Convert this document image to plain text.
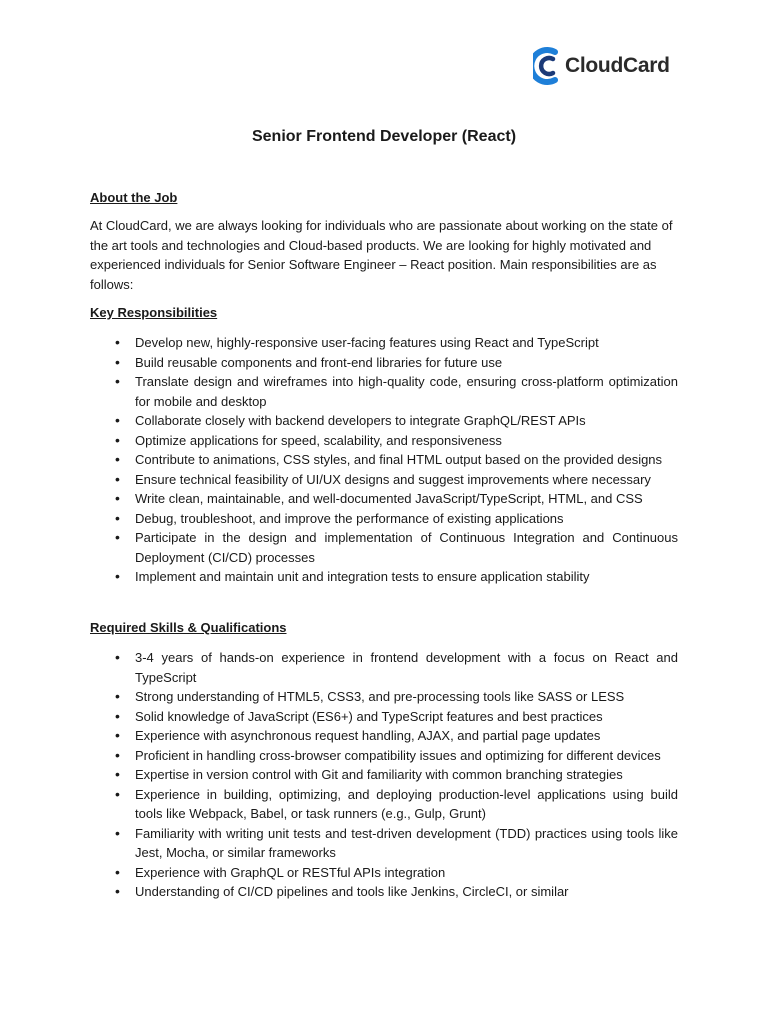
CloudCard
Senior Frontend Developer (React)

About the Job

At CloudCard, we are always looking for individuals who are passionate about working on the state of the art tools and technologies and Cloud-based products. We are looking for highly motivated and experienced individuals for Senior Software Engineer – React position. Main responsibilities are as follows:

Key Responsibilities

• Develop new, highly-responsive user-facing features using React and TypeScript
• Build reusable components and front-end libraries for future use
• Translate design and wireframes into high-quality code, ensuring cross-platform optimization for mobile and desktop
• Collaborate closely with backend developers to integrate GraphQL/REST APIs
• Optimize applications for speed, scalability, and responsiveness
• Contribute to animations, CSS styles, and final HTML output based on the provided designs
• Ensure technical feasibility of UI/UX designs and suggest improvements where necessary
• Write clean, maintainable, and well-documented JavaScript/TypeScript, HTML, and CSS
• Debug, troubleshoot, and improve the performance of existing applications
• Participate in the design and implementation of Continuous Integration and Continuous Deployment (CI/CD) processes
• Implement and maintain unit and integration tests to ensure application stability

Required Skills & Qualifications

• 3-4 years of hands-on experience in frontend development with a focus on React and TypeScript
• Strong understanding of HTML5, CSS3, and pre-processing tools like SASS or LESS
• Solid knowledge of JavaScript (ES6+) and TypeScript features and best practices
• Experience with asynchronous request handling, AJAX, and partial page updates
• Proficient in handling cross-browser compatibility issues and optimizing for different devices
• Expertise in version control with Git and familiarity with common branching strategies
• Experience in building, optimizing, and deploying production-level applications using build tools like Webpack, Babel, or task runners (e.g., Gulp, Grunt)
• Familiarity with writing unit tests and test-driven development (TDD) practices using tools like Jest, Mocha, or similar frameworks
• Experience with GraphQL or RESTful APIs integration
• Understanding of CI/CD pipelines and tools like Jenkins, CircleCI, or similar
